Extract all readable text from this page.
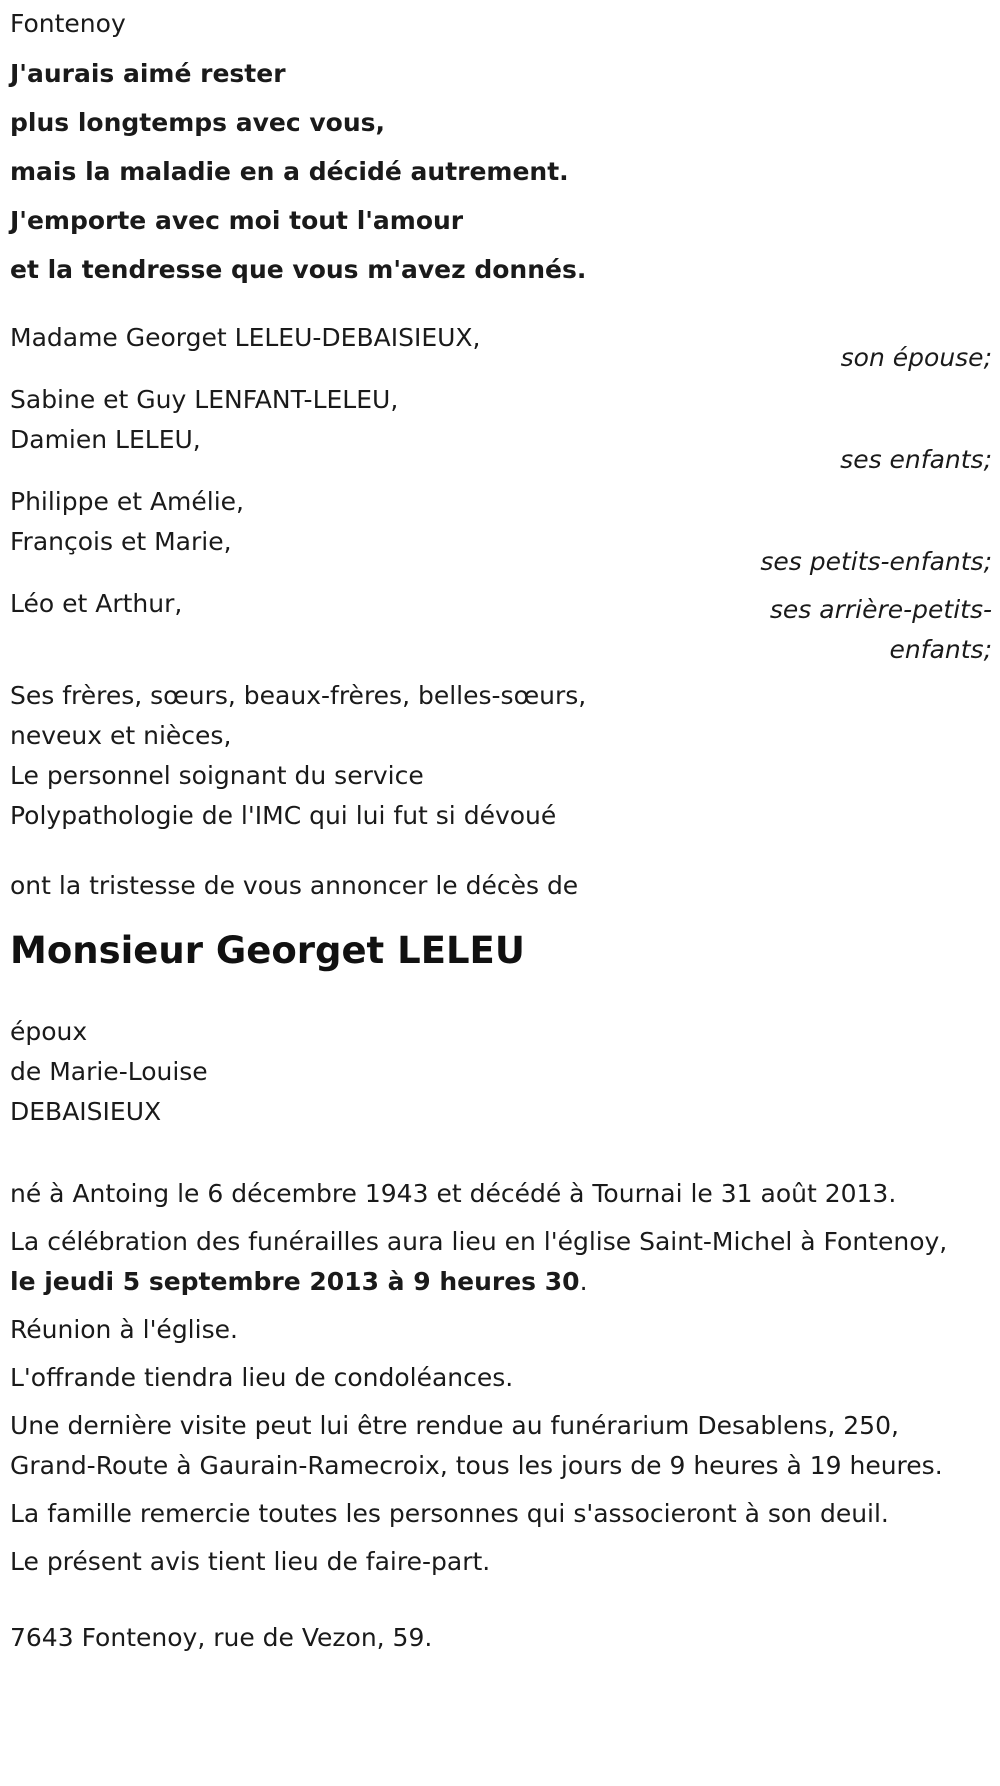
Fontenoy

J'aurais aimé rester

plus longtemps avec vous,

mais la maladie en a décidé autrement.

J'emporte avec moi tout l'amour

et la tendresse que vous m'avez donnés.

Madame Georget LELEU-DEBAISIEUX,

son épouse;

Sabine et Guy LENFANT-LELEU,

Damien LELEU,

ses enfants;

Philippe et Amélie,

François et Marie,

ses petits-enfants;

Léo et Arthur,	ses arrière-petits-
enfants;

Ses frères, sœurs, beaux-frères, belles-sœurs,

neveux et nièces,

Le personnel soignant du service

Polypathologie de l'IMC qui lui fut si dévoué

ont la tristesse de vous annoncer le décès de

Monsieur Georget LELEU

époux

de Marie-Louise

DEBAISIEUX

né à Antoing le 6 décembre 1943 et décédé à Tournai le 31 août 2013.

La célébration des funérailles aura lieu en l'église Saint-Michel à Fontenoy, le jeudi 5 septembre 2013 à 9 heures 30.

Réunion à l'église.

L'offrande tiendra lieu de condoléances.

Une dernière visite peut lui être rendue au funérarium Desablens, 250, Grand-Route à Gaurain-Ramecroix, tous les jours de 9 heures à 19 heures.

La famille remercie toutes les personnes qui s'associeront à son deuil.

Le présent avis tient lieu de faire-part.

7643 Fontenoy, rue de Vezon, 59.
